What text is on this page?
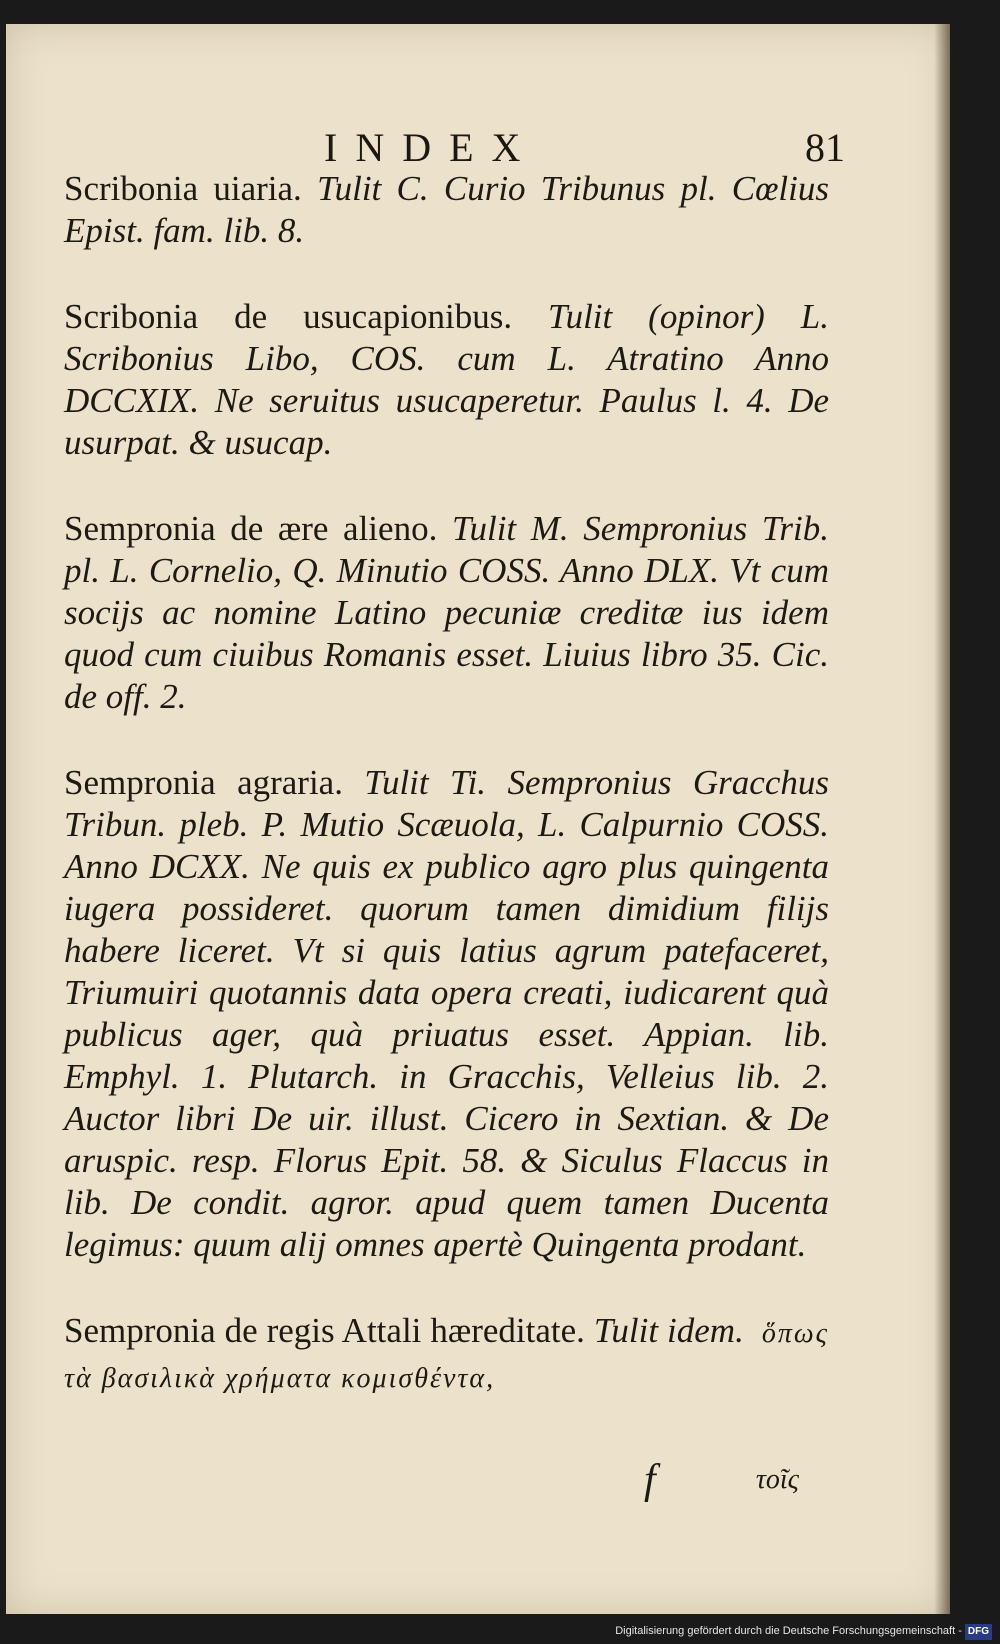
INDEX	81

Scribonia uiaria. Tulit C. Curio Tribunus pl. Cœlius Epist. fam. lib. 8.

Scribonia de usucapionibus. Tulit (opinor) L. Scribonius Libo, COS. cum L. Atratino Anno DCCXIX. Ne seruitus usucaperetur. Paulus l. 4. De usurpat. & usucap.

Sempronia de ære alieno. Tulit M. Sempronius Trib. pl. L. Cornelio, Q. Minutio COSS. Anno DLX. Vt cum socijs ac nomine Latino pecuniæ creditæ ius idem quod cum ciuibus Romanis esset. Liuius libro 35. Cic. de off. 2.

Sempronia agraria. Tulit Ti. Sempronius Gracchus Tribun. pleb. P. Mutio Scæuola, L. Calpurnio COSS. Anno DCXX. Ne quis ex publico agro plus quingenta iugera possideret. quorum tamen dimidium filijs habere liceret. Vt si quis latius agrum patefaceret, Triumuiri quotannis data opera creati, iudicarent quà publicus ager, quà priuatus esset. Appian. lib. Emphyl. 1. Plutarch. in Gracchis, Velleius lib. 2. Auctor libri De uir. illust. Cicero in Sextian. & De aruspic. resp. Florus Epit. 58. & Siculus Flaccus in lib. De condit. agror. apud quem tamen Ducenta legimus: quum alij omnes apertè Quingenta prodant.

Sempronia de regis Attali hæreditate. Tulit idem. ὅπως τὰ βασιλικὰ χρήματα κομισθέντα,

f	τοῖς
Digitalisierung gefördert durch die Deutsche Forschungsgemeinschaft - DFG
